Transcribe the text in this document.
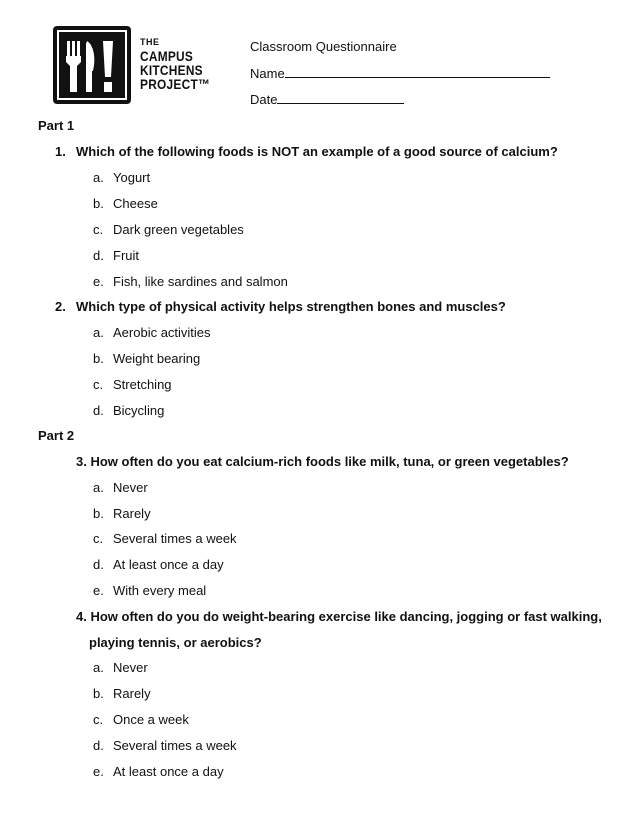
THE
CAMPUS
KITCHENS
PROJECT™
Classroom Questionnaire
Name
Date
Part 1
1. Which of the following foods is NOT an example of a good source of calcium?
a. Yogurt
b. Cheese
c. Dark green vegetables
d. Fruit
e. Fish, like sardines and salmon
2. Which type of physical activity helps strengthen bones and muscles?
a. Aerobic activities
b. Weight bearing
c. Stretching
d. Bicycling
Part 2
3. How often do you eat calcium-rich foods like milk, tuna, or green vegetables?
a. Never
b. Rarely
c. Several times a week
d. At least once a day
e. With every meal
4. How often do you do weight-bearing exercise like dancing, jogging or fast walking,
playing tennis, or aerobics?
a. Never
b. Rarely
c. Once a week
d. Several times a week
e. At least once a day
